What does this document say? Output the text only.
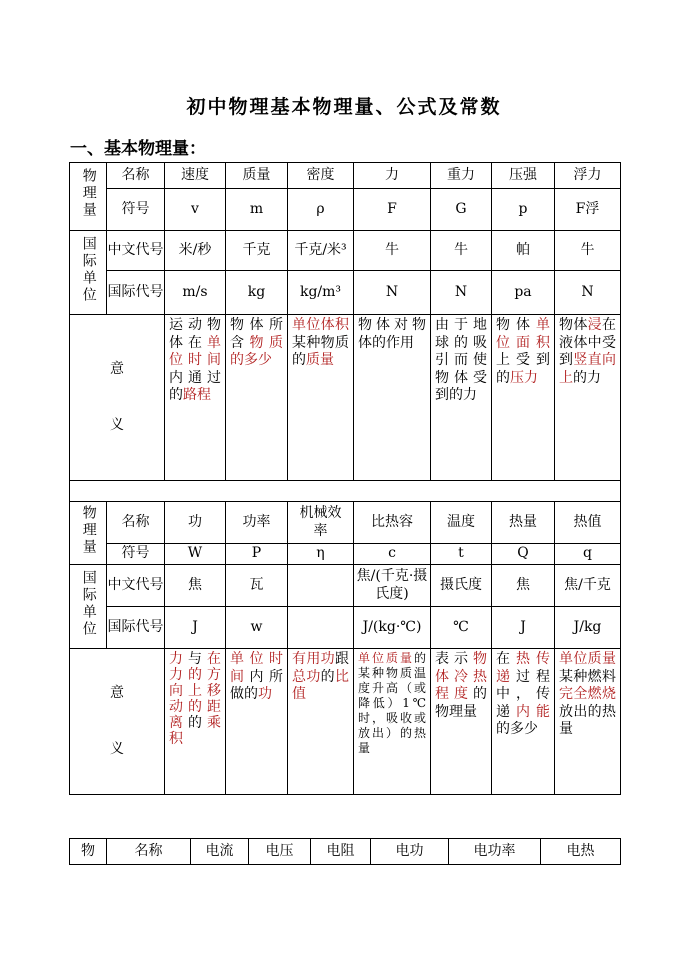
初中物理基本物理量、公式及常数
一、基本物理量：
物理量	名称	速度	质量	密度	力	重力	压强	浮力
	符号	v	m	ρ	F	G	p	F浮
国际单位	中文代号	米/秒	千克	千克/米³	牛	牛	帕	牛
	国际代号	m/s	kg	kg/m³	N	N	pa	N

意
义		运动物体在单位时间内通过的路程	物体所含物质的多少	单位体积某种物质的质量	物体对物体的作用	由于地球的吸引而使物体受到的力	物体单位面积上受到的压力	物体浸在液体中受到竖直向上的力

物理量	名称	功	功率	机械效率	比热容	温度	热量	热值
	符号	W	P	η	c	t	Q	q
国际单位	中文代号	焦	瓦		焦/(千克·摄氏度)	摄氏度	焦	焦/千克
	国际代号	J	w		J/(kg·℃)	℃	J	J/kg

意
义		力与在力的方向上移动的距离的乘积	单位时间内所做的功	有用功跟总功的比值	单位质量的某种物质温度升高（或降低）1℃时，吸收或放出）的热量	表示物体冷热程度的物理量	在热传递过程中，传递内能的多少	单位质量某种燃料完全燃烧放出的热量
物	名称	电流	电压	电阻	电功	电功率	电热
